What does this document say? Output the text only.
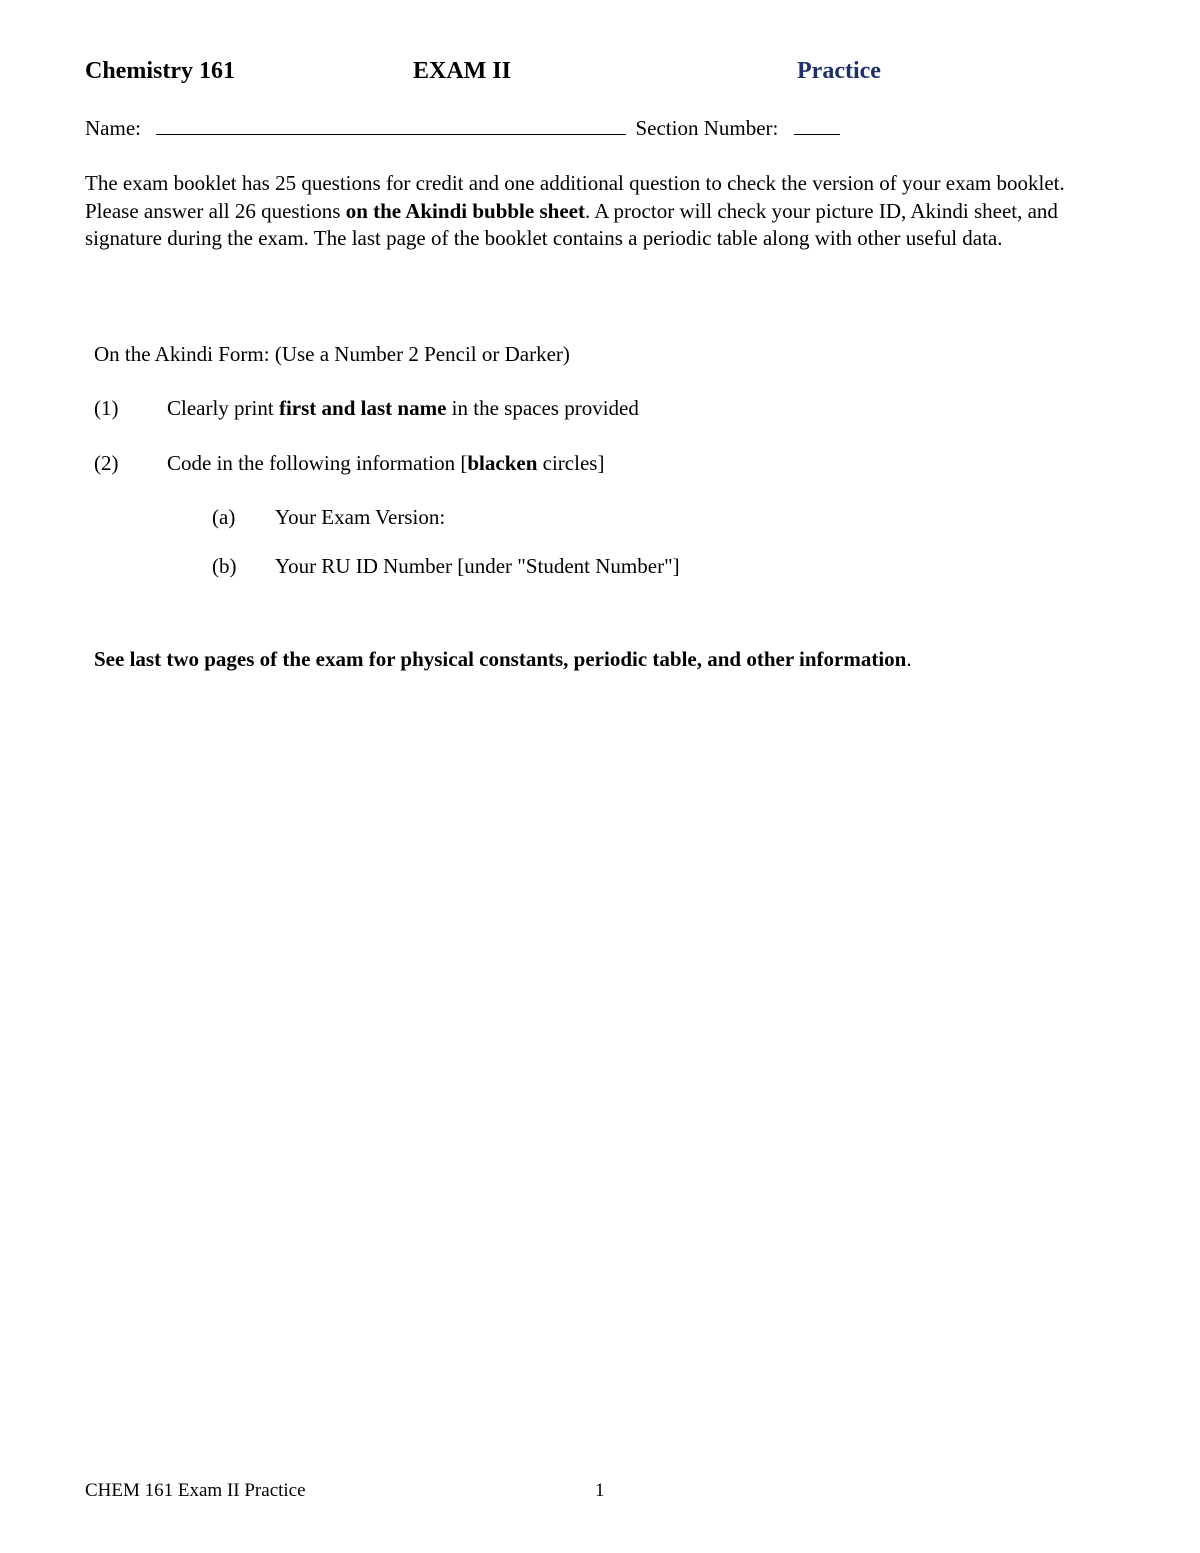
Chemistry 161	EXAM II	Practice
Name:	Section Number:
The exam booklet has 25 questions for credit and one additional question to check the version of your exam booklet. Please answer all 26 questions on the Akindi bubble sheet. A proctor will check your picture ID, Akindi sheet, and signature during the exam. The last page of the booklet contains a periodic table along with other useful data.
On the Akindi Form: (Use a Number 2 Pencil or Darker)
(1) Clearly print first and last name in the spaces provided
(2) Code in the following information [blacken circles]
(a) Your Exam Version:
(b) Your RU ID Number [under "Student Number"]
See last two pages of the exam for physical constants, periodic table, and other information.
CHEM 161 Exam II Practice	1
